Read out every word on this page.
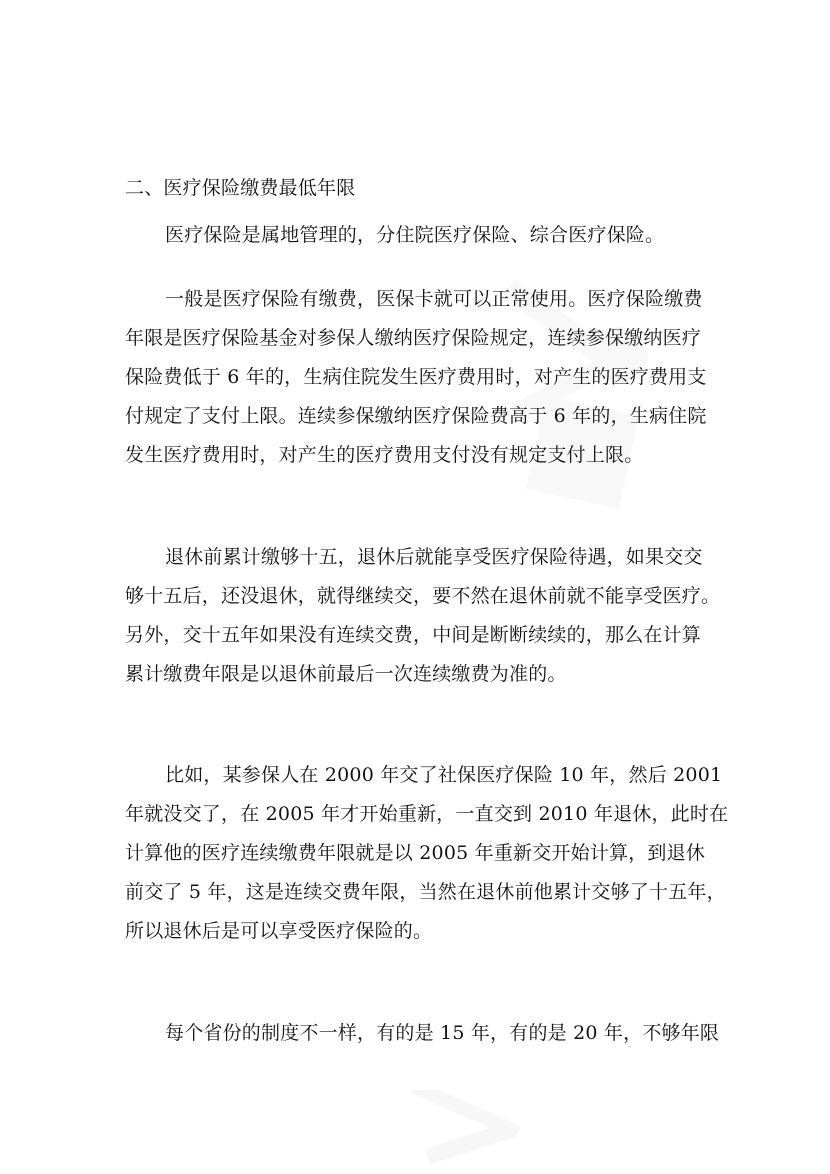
二、医疗保险缴费最低年限

医疗保险是属地管理的，分住院医疗保险、综合医疗保险。

一般是医疗保险有缴费，医保卡就可以正常使用。医疗保险缴费
年限是医疗保险基金对参保人缴纳医疗保险规定，连续参保缴纳医疗
保险费低于 6 年的，生病住院发生医疗费用时，对产生的医疗费用支
付规定了支付上限。连续参保缴纳医疗保险费高于 6 年的，生病住院
发生医疗费用时，对产生的医疗费用支付没有规定支付上限。
退休前累计缴够十五，退休后就能享受医疗保险待遇，如果交交
够十五后，还没退休，就得继续交，要不然在退休前就不能享受医疗。
另外，交十五年如果没有连续交费，中间是断断续续的，那么在计算
累计缴费年限是以退休前最后一次连续缴费为准的。
比如，某参保人在 2000 年交了社保医疗保险 10 年，然后 2001
年就没交了，在 2005 年才开始重新，一直交到 2010 年退休，此时在
计算他的医疗连续缴费年限就是以 2005 年重新交开始计算，到退休
前交了 5 年，这是连续交费年限，当然在退休前他累计交够了十五年，
所以退休后是可以享受医疗保险的。
每个省份的制度不一样，有的是 15 年，有的是 20 年，不够年限
